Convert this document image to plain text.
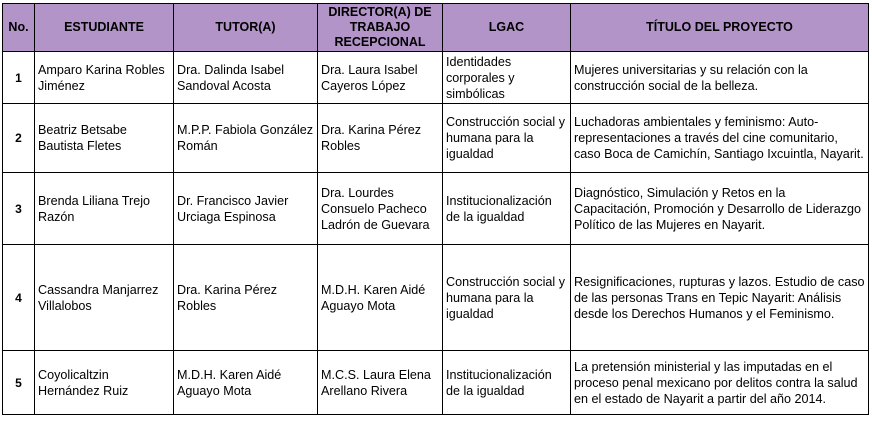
No.	ESTUDIANTE	TUTOR(A)	DIRECTOR(A) DE TRABAJO RECEPCIONAL	LGAC	TÍTULO DEL PROYECTO
1	Amparo Karina Robles Jiménez	Dra. Dalinda Isabel Sandoval Acosta	Dra. Laura Isabel Cayeros López	Identidades corporales y simbólicas	Mujeres universitarias y su relación con la construcción social de la belleza.
2	Beatriz Betsabe Bautista Fletes	M.P.P. Fabiola González Román	Dra. Karina Pérez Robles	Construcción social y humana para la igualdad	Luchadoras ambientales y feminismo: Auto-representaciones a través del cine comunitario, caso Boca de Camichín, Santiago Ixcuintla, Nayarit.
3	Brenda Liliana Trejo Razón	Dr. Francisco Javier Urciaga Espinosa	Dra. Lourdes Consuelo Pacheco Ladrón de Guevara	Institucionalización de la igualdad	Diagnóstico, Simulación y Retos en la Capacitación, Promoción y Desarrollo de Liderazgo Político de las Mujeres en Nayarit.
4	Cassandra Manjarrez Villalobos	Dra. Karina Pérez Robles	M.D.H. Karen Aidé Aguayo Mota	Construcción social y humana para la igualdad	Resignificaciones, rupturas y lazos. Estudio de caso de las personas Trans en Tepic Nayarit: Análisis desde los Derechos Humanos y el Feminismo.
5	Coyolicaltzin Hernández Ruiz	M.D.H. Karen Aidé Aguayo Mota	M.C.S. Laura Elena Arellano Rivera	Institucionalización de la igualdad	La pretensión ministerial y las imputadas en el proceso penal mexicano por delitos contra la salud en el estado de Nayarit a partir del año 2014.
